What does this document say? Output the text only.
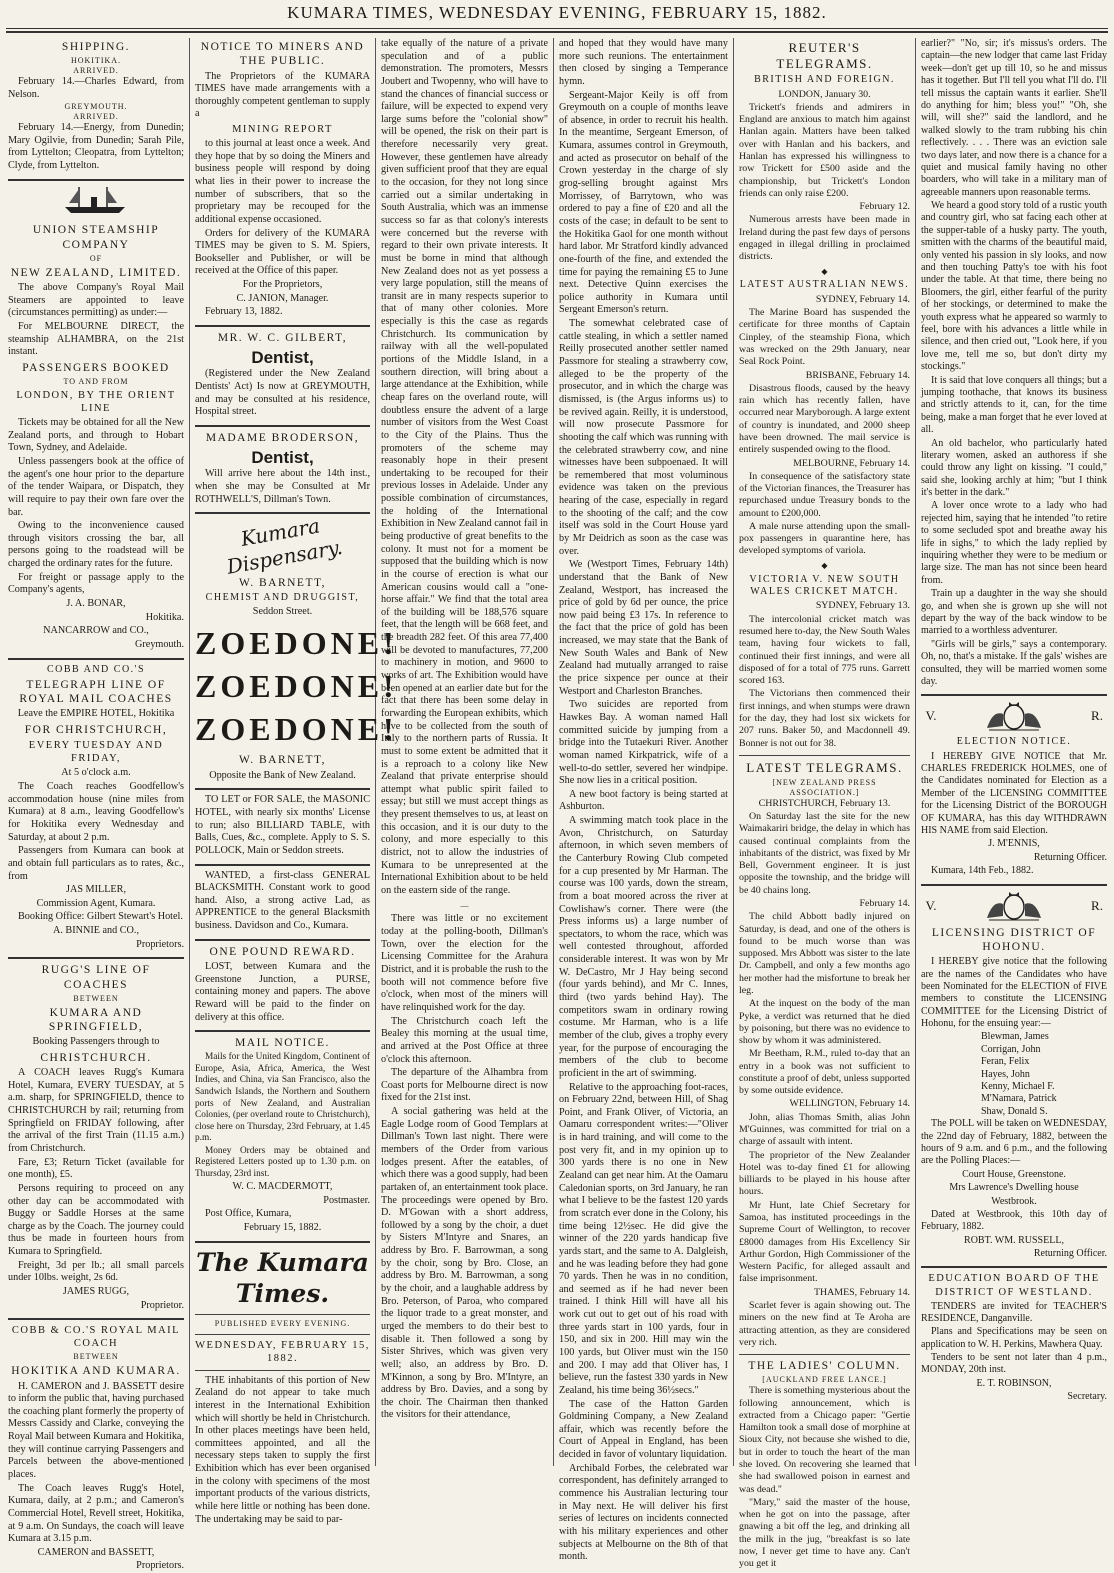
KUMARA TIMES, WEDNESDAY EVENING, FEBRUARY 15, 1882.
SHIPPING.
HOKITIKA.
ARRIVED.

February 14.—Charles Edward, from Nelson.

GREYMOUTH.
ARRIVED.

February 14.—Energy, from Dunedin; Mary Ogilvie, from Dunedin; Sarah Pile, from Lyttelton; Cleopatra, from Lyttelton; Clyde, from Lyttelton.

UNION STEAMSHIP COMPANY
OF
NEW ZEALAND, LIMITED.

The above Company's Royal Mail Steamers are appointed to leave (circumstances permitting) as under:—

For MELBOURNE DIRECT, the steamship ALHAMBRA, on the 21st instant.

PASSENGERS BOOKED
TO AND FROM
LONDON, BY THE ORIENT LINE

Tickets may be obtained for all the New Zealand ports, and through to Hobart Town, Sydney, and Adelaide.

Unless passengers book at the office of the agent's one hour prior to the departure of the tender Waipara, or Dispatch, they will require to pay their own fare over the bar.

Owing to the inconvenience caused through visitors crossing the bar, all persons going to the roadstead will be charged the ordinary rates for the future.

For freight or passage apply to the Company's agents,

J. A. BONAR,

Hokitika.

NANCARROW and CO.,

Greymouth.

COBB AND CO.'S
TELEGRAPH LINE OF ROYAL MAIL COACHES

Leave the EMPIRE HOTEL, Hokitika

FOR CHRISTCHURCH,
EVERY TUESDAY AND FRIDAY,

At 5 o'clock a.m.

The Coach reaches Goodfellow's accommodation house (nine miles from Kumara) at 8 a.m., leaving Goodfellow's for Hokitika every Wednesday and Saturday, at about 2 p.m.

Passengers from Kumara can book at and obtain full particulars as to rates, &c., from

JAS MILLER,

Commission Agent, Kumara.

Booking Office: Gilbert Stewart's Hotel.

A. BINNIE and CO.,

Proprietors.

RUGG'S LINE OF COACHES
BETWEEN
KUMARA AND SPRINGFIELD,

Booking Passengers through to

CHRISTCHURCH.

A COACH leaves Rugg's Kumara Hotel, Kumara, EVERY TUESDAY, at 5 a.m. sharp, for SPRINGFIELD, thence to CHRISTCHURCH by rail; returning from Springfield on FRIDAY following, after the arrival of the first Train (11.15 a.m.) from Christchurch.

Fare, £3; Return Ticket (available for one month), £5.

Persons requiring to proceed on any other day can be accommodated with Buggy or Saddle Horses at the same charge as by the Coach. The journey could thus be made in fourteen hours from Kumara to Springfield.

Freight, 3d per lb.; all small parcels under 10lbs. weight, 2s 6d.

JAMES RUGG,

Proprietor.

COBB & CO.'S ROYAL MAIL COACH
BETWEEN
HOKITIKA AND KUMARA.

H. CAMERON and J. BASSETT desire to inform the public that, having purchased the coaching plant formerly the property of Messrs Cassidy and Clarke, conveying the Royal Mail between Kumara and Hokitika, they will continue carrying Passengers and Parcels between the above-mentioned places.

The Coach leaves Rugg's Hotel, Kumara, daily, at 2 p.m.; and Cameron's Commercial Hotel, Revell street, Hokitika, at 9 a.m. On Sundays, the coach will leave Kumara at 3.15 p.m.

CAMERON and BASSETT,

Proprietors.

NOTICE TO MINERS AND THE PUBLIC.

The Proprietors of the KUMARA TIMES have made arrangements with a thoroughly competent gentleman to supply a

MINING REPORT

to this journal at least once a week. And they hope that by so doing the Miners and business people will respond by doing what lies in their power to increase the number of subscribers, that so the proprietary may be recouped for the additional expense occasioned.

Orders for delivery of the KUMARA TIMES may be given to S. M. Spiers, Bookseller and Publisher, or will be received at the Office of this paper.

For the Proprietors,

C. JANION, Manager.

February 13, 1882.

MR. W. C. GILBERT,
Dentist,

(Registered under the New Zealand Dentists' Act) Is now at GREYMOUTH, and may be consulted at his residence, Hospital street.

MADAME BRODERSON,
Dentist,

Will arrive here about the 14th inst., when she may be Consulted at Mr ROTHWELL'S, Dillman's Town.

Kumara Dispensary.
W. BARNETT,
CHEMIST AND DRUGGIST,

Seddon Street.

ZOEDONE!
ZOEDONE!
ZOEDONE!
W. BARNETT,

Opposite the Bank of New Zealand.

TO LET or FOR SALE, the MASONIC HOTEL, with nearly six months' License to run; also BILLIARD TABLE, with Balls, Cues, &c., complete. Apply to S. S. POLLOCK, Main or Seddon streets.

WANTED, a first-class GENERAL BLACKSMITH. Constant work to good hand. Also, a strong active Lad, as APPRENTICE to the general Blacksmith business. Davidson and Co., Kumara.

ONE POUND REWARD.

LOST, between Kumara and the Greenstone Junction, a PURSE, containing money and papers. The above Reward will be paid to the finder on delivery at this office.

MAIL NOTICE.

Mails for the United Kingdom, Continent of Europe, Asia, Africa, America, the West Indies, and China, via San Francisco, also the Sandwich Islands, the Northern and Southern ports of New Zealand, and Australian Colonies, (per overland route to Christchurch), close here on Thursday, 23rd February, at 1.45 p.m.

Money Orders may be obtained and Registered Letters posted up to 1.30 p.m. on Thursday, 23rd inst.

W. C. MACDERMOTT,

Postmaster.

Post Office, Kumara,

February 15, 1882.

The Kumara Times.
PUBLISHED EVERY EVENING.
WEDNESDAY, FEBRUARY 15, 1882.

THE inhabitants of this portion of New Zealand do not appear to take much interest in the International Exhibition which will shortly be held in Christchurch. In other places meetings have been held, committees appointed, and all the necessary steps taken to supply the first Exhibition which has ever been organised in the colony with specimens of the most important products of the various districts, while here little or nothing has been done. The undertaking may be said to par-

take equally of the nature of a private speculation and of a public demonstration. The promoters, Messrs Joubert and Twopenny, who will have to stand the chances of financial success or failure, will be expected to expend very large sums before the "colonial show" will be opened, the risk on their part is therefore necessarily very great. However, these gentlemen have already given sufficient proof that they are equal to the occasion, for they not long since carried out a similar undertaking in South Australia, which was an immense success so far as that colony's interests were concerned but the reverse with regard to their own private interests. It must be borne in mind that although New Zealand does not as yet possess a very large population, still the means of transit are in many respects superior to that of many other colonies. More especially is this the case as regards Christchurch. Its communication by railway with all the well-populated portions of the Middle Island, in a southern direction, will bring about a large attendance at the Exhibition, while cheap fares on the overland route, will doubtless ensure the advent of a large number of visitors from the West Coast to the City of the Plains. Thus the promoters of the scheme may reasonably hope in their present undertaking to be recouped for their previous losses in Adelaide. Under any possible combination of circumstances, the holding of the International Exhibition in New Zealand cannot fail in being productive of great benefits to the colony. It must not for a moment be supposed that the building which is now in the course of erection is what our American cousins would call a "one-horse affair." We find that the total area of the building will be 188,576 square feet, that the length will be 668 feet, and the breadth 282 feet. Of this area 77,400 will be devoted to manufactures, 77,200 to machinery in motion, and 9600 to works of art. The Exhibition would have been opened at an earlier date but for the fact that there has been some delay in forwarding the European exhibits, which have to be collected from the south of Italy to the northern parts of Russia. It must to some extent be admitted that it is a reproach to a colony like New Zealand that private enterprise should attempt what public spirit failed to essay; but still we must accept things as they present themselves to us, at least on this occasion, and it is our duty to the colony, and more especially to this district, not to allow the industries of Kumara to be unrepresented at the International Exhibition about to be held on the eastern side of the range.

—

There was little or no excitement today at the polling-booth, Dillman's Town, over the election for the Licensing Committee for the Arahura District, and it is probable the rush to the booth will not commence before five o'clock, when most of the miners will have relinquished work for the day.

The Christchurch coach left the Bealey this morning at the usual time, and arrived at the Post Office at three o'clock this afternoon.

The departure of the Alhambra from Coast ports for Melbourne direct is now fixed for the 21st inst.

A social gathering was held at the Eagle Lodge room of Good Templars at Dillman's Town last night. There were members of the Order from various lodges present. After the eatables, of which there was a good supply, had been partaken of, an entertainment took place. The proceedings were opened by Bro. D. M'Gowan with a short address, followed by a song by the choir, a duet by Sisters M'Intyre and Snares, an address by Bro. F. Barrowman, a song by the choir, song by Bro. Close, an address by Bro. M. Barrowman, a song by the choir, and a laughable address by Bro. Peterson, of Paroa, who compared the liquor trade to a great monster, and urged the members to do their best to disable it. Then followed a song by Sister Shrives, which was given very well; also, an address by Bro. D. M'Kinnon, a song by Bro. M'Intyre, an address by Bro. Davies, and a song by the choir. The Chairman then thanked the visitors for their attendance,

and hoped that they would have many more such reunions. The entertainment then closed by singing a Temperance hymn.

Sergeant-Major Keily is off from Greymouth on a couple of months leave of absence, in order to recruit his health. In the meantime, Sergeant Emerson, of Kumara, assumes control in Greymouth, and acted as prosecutor on behalf of the Crown yesterday in the charge of sly grog-selling brought against Mrs Morrissey, of Barrytown, who was ordered to pay a fine of £20 and all the costs of the case; in default to be sent to the Hokitika Gaol for one month without hard labor. Mr Stratford kindly advanced one-fourth of the fine, and extended the time for paying the remaining £5 to June next. Detective Quinn exercises the police authority in Kumara until Sergeant Emerson's return.

The somewhat celebrated case of cattle stealing, in which a settler named Reilly prosecuted another settler named Passmore for stealing a strawberry cow, alleged to be the property of the prosecutor, and in which the charge was dismissed, is (the Argus informs us) to be revived again. Reilly, it is understood, will now prosecute Passmore for shooting the calf which was running with the celebrated strawberry cow, and nine witnesses have been subpoenaed. It will be remembered that most voluminous evidence was taken on the previous hearing of the case, especially in regard to the shooting of the calf; and the cow itself was sold in the Court House yard by Mr Deidrich as soon as the case was over.

We (Westport Times, February 14th) understand that the Bank of New Zealand, Westport, has increased the price of gold by 6d per ounce, the price now paid being £3 17s. In reference to the fact that the price of gold has been increased, we may state that the Bank of New South Wales and Bank of New Zealand had mutually arranged to raise the price sixpence per ounce at their Westport and Charleston Branches.

Two suicides are reported from Hawkes Bay. A woman named Hall committed suicide by jumping from a bridge into the Tutaekuri River. Another woman named Kirkpatrick, wife of a well-to-do settler, severed her windpipe. She now lies in a critical position.

A new boot factory is being started at Ashburton.

A swimming match took place in the Avon, Christchurch, on Saturday afternoon, in which seven members of the Canterbury Rowing Club competed for a cup presented by Mr Harman. The course was 100 yards, down the stream, from a boat moored across the river at Cowlishaw's corner. There were (the Press informs us) a large number of spectators, to whom the race, which was well contested throughout, afforded considerable interest. It was won by Mr W. DeCastro, Mr J Hay being second (four yards behind), and Mr C. Innes, third (two yards behind Hay). The competitors swam in ordinary rowing costume. Mr Harman, who is a life member of the club, gives a trophy every year, for the purpose of encouraging the members of the club to become proficient in the art of swimming.

Relative to the approaching foot-races, on February 22nd, between Hill, of Shag Point, and Frank Oliver, of Victoria, an Oamaru correspondent writes:—"Oliver is in hard training, and will come to the post very fit, and in my opinion up to 300 yards there is no one in New Zealand can get near him. At the Oamaru Caledonian sports, on 3rd January, he ran what I believe to be the fastest 120 yards from scratch ever done in the Colony, his time being 12½sec. He did give the winner of the 220 yards handicap five yards start, and the same to A. Dalgleish, and he was leading before they had gone 70 yards. Then he was in no condition, and seemed as if he had never been trained. I think Hill will have all his work cut out to get out of his road with three yards start in 100 yards, four in 150, and six in 200. Hill may win the 100 yards, but Oliver must win the 150 and 200. I may add that Oliver has, I believe, run the fastest 330 yards in New Zealand, his time being 36½secs."

The case of the Hatton Garden Goldmining Company, a New Zealand affair, which was recently before the Court of Appeal in England, has been decided in favor of voluntary liquidation.

Archibald Forbes, the celebrated war correspondent, has definitely arranged to commence his Australian lecturing tour in May next. He will deliver his first series of lectures on incidents connected with his military experiences and other subjects at Melbourne on the 8th of that month.

REUTER'S TELEGRAMS.
BRITISH AND FOREIGN.

LONDON, January 30.

Trickett's friends and admirers in England are anxious to match him against Hanlan again. Matters have been talked over with Hanlan and his backers, and Hanlan has expressed his willingness to row Trickett for £500 aside and the championship, but Trickett's London friends can only raise £200.

February 12.

Numerous arrests have been made in Ireland during the past few days of persons engaged in illegal drilling in proclaimed districts.

◆
LATEST AUSTRALIAN NEWS.

SYDNEY, February 14.

The Marine Board has suspended the certificate for three months of Captain Cinpley, of the steamship Fiona, which was wrecked on the 29th January, near Seal Rock Point.

BRISBANE, February 14.

Disastrous floods, caused by the heavy rain which has recently fallen, have occurred near Maryborough. A large extent of country is inundated, and 2000 sheep have been drowned. The mail service is entirely suspended owing to the flood.

MELBOURNE, February 14.

In consequence of the satisfactory state of the Victorian finances, the Treasurer has repurchased undue Treasury bonds to the amount to £200,000.

A male nurse attending upon the small-pox passengers in quarantine here, has developed symptoms of variola.

◆
VICTORIA V. NEW SOUTH WALES CRICKET MATCH.

SYDNEY, February 13.

The intercolonial cricket match was resumed here to-day, the New South Wales team, having four wickets to fall, continued their first innings, and were all disposed of for a total of 775 runs. Garrett scored 163.

The Victorians then commenced their first innings, and when stumps were drawn for the day, they had lost six wickets for 207 runs. Baker 50, and Macdonnell 49. Bonner is not out for 38.

LATEST TELEGRAMS.
[NEW ZEALAND PRESS ASSOCIATION.]

CHRISTCHURCH, February 13.

On Saturday last the site for the new Waimakariri bridge, the delay in which has caused continual complaints from the inhabitants of the district, was fixed by Mr Bell, Government engineer. It is just opposite the township, and the bridge will be 40 chains long.

February 14.

The child Abbott badly injured on Saturday, is dead, and one of the others is found to be much worse than was supposed. Mrs Abbott was sister to the late Dr. Campbell, and only a few months ago her mother had the misfortune to break her leg.

At the inquest on the body of the man Pyke, a verdict was returned that he died by poisoning, but there was no evidence to show by whom it was administered.

Mr Beetham, R.M., ruled to-day that an entry in a book was not sufficient to constitute a proof of debt, unless supported by some outside evidence.

WELLINGTON, February 14.

John, alias Thomas Smith, alias John M'Guinnes, was committed for trial on a charge of assault with intent.

The proprietor of the New Zealander Hotel was to-day fined £1 for allowing billiards to be played in his house after hours.

Mr Hunt, late Chief Secretary for Samoa, has instituted proceedings in the Supreme Court of Wellington, to recover £8000 damages from His Excellency Sir Arthur Gordon, High Commissioner of the Western Pacific, for alleged assault and false imprisonment.

THAMES, February 14.

Scarlet fever is again showing out. The miners on the new find at Te Aroha are attracting attention, as they are considered very rich.

THE LADIES' COLUMN.
[AUCKLAND FREE LANCE.]

There is something mysterious about the following announcement, which is extracted from a Chicago paper: "Gertie Hamilton took a small dose of morphine at Sioux City, not because she wished to die, but in order to touch the heart of the man she loved. On recovering she learned that she had swallowed poison in earnest and was dead."

"Mary," said the master of the house, when he got on into the passage, after gnawing a bit off the leg, and drinking all the milk in the jug, "breakfast is so late now, I never get time to have any. Can't you get it

earlier?" "No, sir; it's missus's orders. The captain—the new lodger that came last Friday week—don't get up till 10, so he and missus has it together. But I'll tell you what I'll do. I'll tell missus the captain wants it earlier. She'll do anything for him; bless you!" "Oh, she will, will she?" said the landlord, and he walked slowly to the tram rubbing his chin reflectively. . . . There was an eviction sale two days later, and now there is a chance for a quiet and musical family having no other boarders, who will take in a military man of agreeable manners upon reasonable terms.

We heard a good story told of a rustic youth and country girl, who sat facing each other at the supper-table of a husky party. The youth, smitten with the charms of the beautiful maid, only vented his passion in sly looks, and now and then touching Patty's toe with his foot under the table. At that time, there being no Bloomers, the girl, either fearful of the purity of her stockings, or determined to make the youth express what he appeared so warmly to feel, bore with his advances a little while in silence, and then cried out, "Look here, if you love me, tell me so, but don't dirty my stockings."

It is said that love conquers all things; but a jumping toothache, that knows its business and strictly attends to it, can, for the time being, make a man forget that he ever loved at all.

An old bachelor, who particularly hated literary women, asked an authoress if she could throw any light on kissing. "I could," said she, looking archly at him; "but I think it's better in the dark."

A lover once wrote to a lady who had rejected him, saying that he intended "to retire to some secluded spot and breathe away his life in sighs," to which the lady replied by inquiring whether they were to be medium or large size. The man has not since been heard from.

Train up a daughter in the way she should go, and when she is grown up she will not depart by the way of the back window to be married to a worthless adventurer.

"Girls will be girls," says a contemporary. Oh, no, that's a mistake. If the gals' wishes are consulted, they will be married women some day.

V.	R.
ELECTION NOTICE.

I HEREBY GIVE NOTICE that Mr. CHARLES FREDERICK HOLMES, one of the Candidates nominated for Election as a Member of the LICENSING COMMITTEE for the Licensing District of the BOROUGH OF KUMARA, has this day WITHDRAWN HIS NAME from said Election.

J. M'ENNIS,

Returning Officer.

Kumara, 14th Feb., 1882.

V.	R.
LICENSING DISTRICT OF HOHONU.

I HEREBY give notice that the following are the names of the Candidates who have been Nominated for the ELECTION of FIVE members to constitute the LICENSING COMMITTEE for the Licensing District of Hohonu, for the ensuing year:—

Blewman, James
Corrigan, John
Feran, Felix
Hayes, John
Kenny, Michael F.
M'Namara, Patrick
Shaw, Donald S.

The POLL will be taken on WEDNESDAY, the 22nd day of February, 1882, between the hours of 9 a.m. and 6 p.m., and the following are the Polling Places:—

Court House, Greenstone.

Mrs Lawrence's Dwelling house

Westbrook.

Dated at Westbrook, this 10th day of February, 1882.

ROBT. WM. RUSSELL,

Returning Officer.

EDUCATION BOARD OF THE DISTRICT OF WESTLAND.

TENDERS are invited for TEACHER'S RESIDENCE, Danganville.

Plans and Specifications may be seen on application to W. H. Perkins, Mawhera Quay.

Tenders to be sent not later than 4 p.m., MONDAY, 20th inst.

E. T. ROBINSON,

Secretary.
